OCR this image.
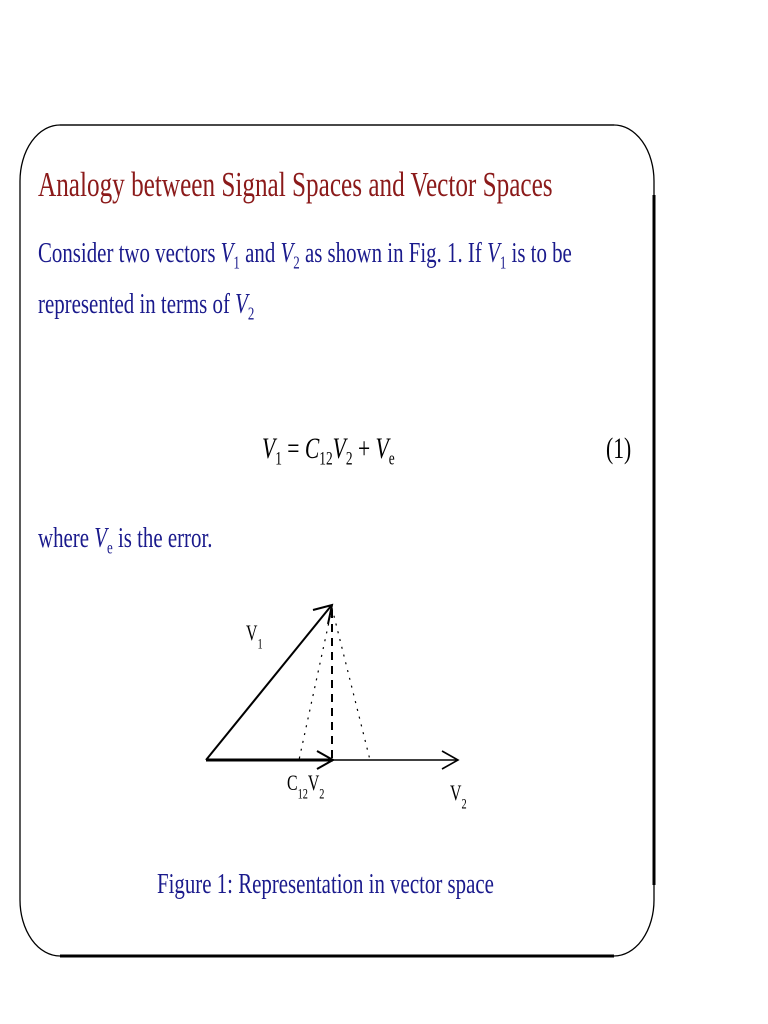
Analogy between Signal Spaces and Vector Spaces
Consider two vectors $V_1$ and $V_2$ as shown in Fig. 1. If $V_1$ is to be
represented in terms of $V_2$
$V_1 = C_{12}V_2 + V_e$	(1)
where $V_e$ is the error.
$V_1$
$C_{12}V_2$	$V_2$
Figure 1: Representation in vector space
